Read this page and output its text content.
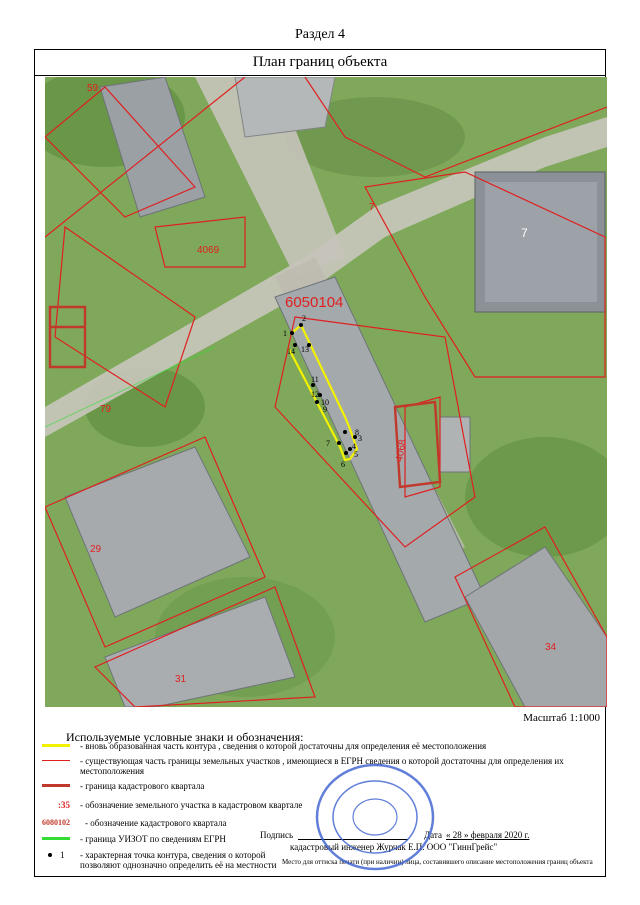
Раздел 4
План границ объекта
1
2
14 13
11
12
10
9
8
7
6
5
4
3
6050104
59
7
4069
79
29
31
34
4068
7
Масштаб 1:1000
Используемые условные знаки и обозначения:
- вновь образованная часть контура , сведения о которой достаточны для определения её местоположения
- существующая часть границы земельных участков , имеющиеся в ЕГРН сведения о которой достаточны для определения их местоположения
- граница кадастрового квартала
:35 - обозначение земельного участка в кадастровом квартале
6080102 - обозначение кадастрового квартала
- граница УИЗОТ по сведениям ЕГРН
1 - характерная точка контура, сведения о которой позволяют однозначно определить её на местности
Подпись	Дата « 28 » февраля 2020 г.
кадастровый инженер Журчак Е.П. ООО "ГиннГрейс"
Место для оттиска печати (при наличии) лица, составившего описание местоположения границ объекта
